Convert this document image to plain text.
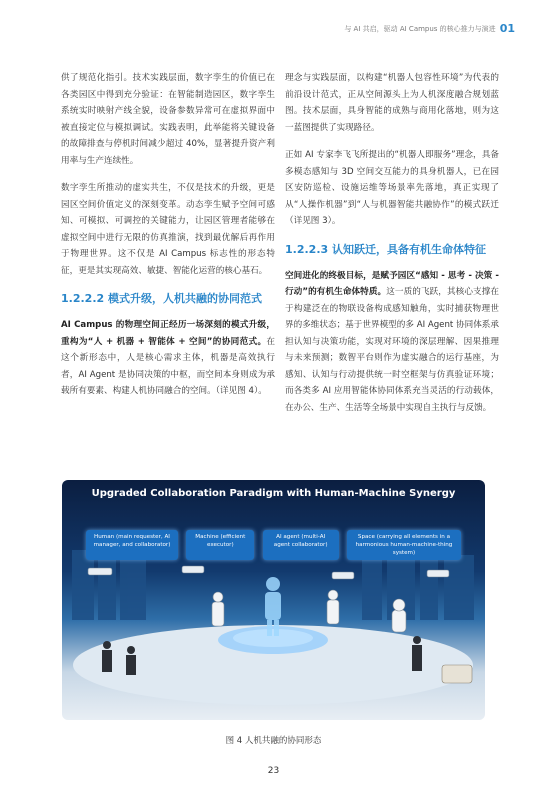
与 AI 共启，驱动 AI Campus 的核心推力与演进 01

供了规范化指引。技术实践层面，数字孪生的价值已在各类园区中得到充分验证：在智能制造园区，数字孪生系统实时映射产线全貌，设备参数异常可在虚拟界面中被直接定位与模拟调试。实践表明，此举能将关键设备的故障排查与停机时间减少超过 40%，显著提升资产利用率与生产连续性。

数字孪生所推动的虚实共生，不仅是技术的升级，更是园区空间价值定义的深刻变革。动态孪生赋予空间可感知、可模拟、可调控的关键能力，让园区管理者能够在虚拟空间中进行无限的仿真推演，找到最优解后再作用于物理世界。这不仅是 AI Campus 标志性的形态特征，更是其实现高效、敏捷、智能化运营的核心基石。

1.2.2.2 模式升级，人机共融的协同范式

AI Campus 的物理空间正经历一场深刻的模式升级，重构为“人 + 机器 + 智能体 + 空间”的协同范式。在这个新形态中，人是核心需求主体，机器是高效执行者，AI Agent 是协同决策的中枢，而空间本身则成为承载所有要素、构建人机协同融合的空间。（详见图 4）。

理念与实践层面，以构建“机器人包容性环境”为代表的前沿设计范式，正从空间源头上为人机深度融合规划蓝图。技术层面，具身智能的成熟与商用化落地，则为这一蓝图提供了实现路径。

正如 AI 专家李飞飞所提出的“机器人即服务”理念，具备多模态感知与 3D 空间交互能力的具身机器人，已在园区安防巡检、设施运维等场景率先落地，真正实现了从“人操作机器”到“人与机器智能共融协作”的模式跃迁（详见图 3）。

1.2.2.3 认知跃迁，具备有机生命体特征

空间进化的终极目标，是赋予园区“感知 - 思考 - 决策 - 行动”的有机生命体特质。这一质的飞跃，其核心支撑在于构建泛在的物联设备构成感知触角，实时捕获物理世界的多维状态；基于世界模型的多 AI Agent 协同体系承担认知与决策功能，实现对环境的深层理解、因果推理与未来预测；数智平台则作为虚实融合的运行基座，为感知、认知与行动提供统一时空框架与仿真验证环境；而各类多 AI 应用智能体协同体系充当灵活的行动载体，在办公、生产、生活等全场景中实现自主执行与反馈。

Upgraded Collaboration Paradigm with Human-Machine Synergy
Human (main requester, AI manager, and collaborator)
Machine (efficient executor)
AI agent (multi-AI agent collaborator)
Space (carrying all elements in a harmonious human-machine-thing system)
图 4 人机共融的协同形态
23
